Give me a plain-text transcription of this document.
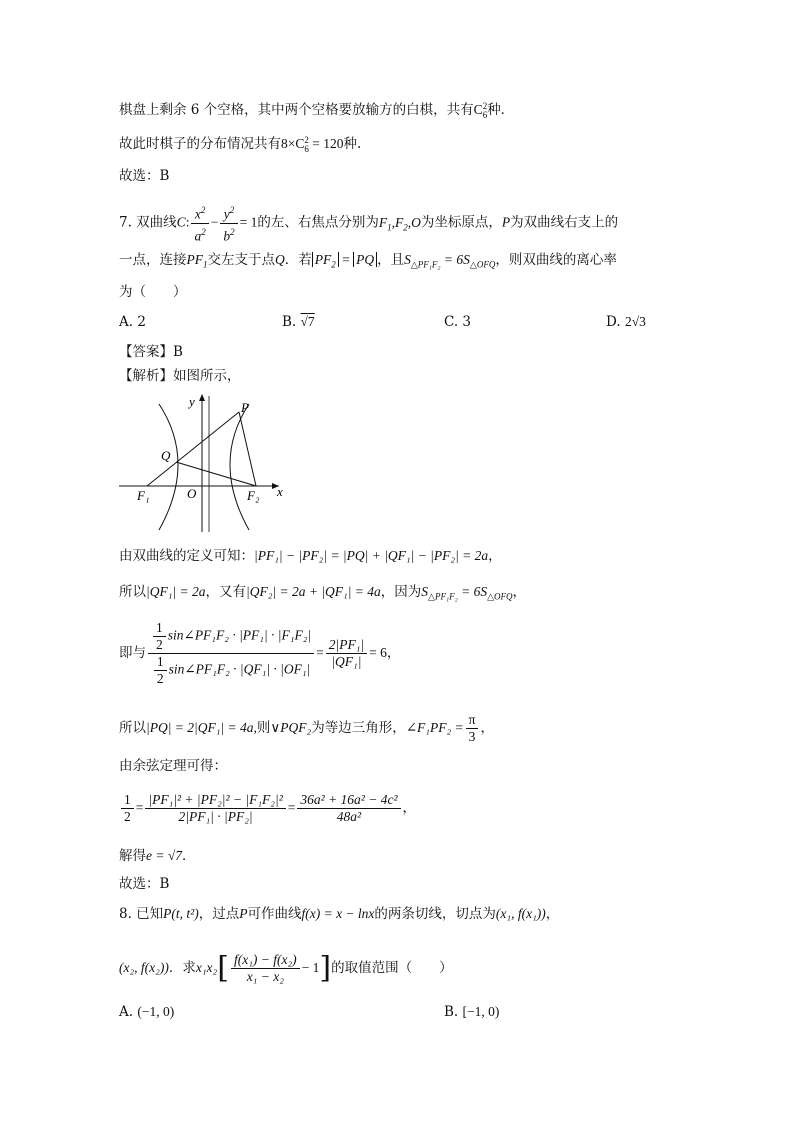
棋盘上剩余 6 个空格，其中两个空格要放输方的白棋，共有C 2
6 种．
故此时棋子的分布情况共有8×C 2
6 = 120种.
故选：B
7. 双曲线C: $\frac{x^2}{a^2} - \frac{y^2}{b^2} = 1$的左、右焦点分别为$F_1,F_2,O$为坐标原点，P为双曲线右支上的
一点，连接$PF_1$交左支于点Q．若 $PF_2$ = PQ ，且$S_{\triangle PF_1F_2} = 6S_{\triangle OFQ}$，则双曲线的离心率
为（　　）
A. 2	B. √7	C. 3	D. 2√3
【答案】B
【解析】如图所示，
y
x
P
Q
O
F₁	F₂
由双曲线的定义可知：|PF₁| − |PF₂| = |PQ| + |QF₁| − |PF₂| = 2a，
所以|QF₁| = 2a，又有|QF₂| = 2a + |QF₁| = 4a，因为$S_{\triangle PF_1F_2} = 6S_{\triangle OFQ}$，
即与 $\frac{\frac{1}{2} \sin\angle PF_1F_2 \cdot |PF_1| \cdot |F_1F_2|}{\frac{1}{2} \sin\angle PF_1F_2 \cdot |QF_1| \cdot |OF_1|} = \frac{\text{2|PF₁|}}{\text{|QF₁|}} = 6$，
所以|PQ| = 2|QF₁| = 4a,则∨PQF₂为等边三角形，∠F₁PF₂ = $\frac{\pi}{3}$ ，
由余弦定理可得：
$\frac{1}{2} = \frac{\text{|PF₁|² + |PF₂|² − |F₁F₂|²}}{\text{2|PF₁| · |PF₂|}} = \frac{\text{36a² + 16a² − 4c²}}{\text{48a²}}$ ，
解得e = √7．
故选：B
8. 已知P(t, t²)，过点P可作曲线f(x) = x − lnx的两条切线，切点为(x₁, f(x₁))，
(x₂, f(x₂))．求$x_1x_2[ \frac{\text{f(x₁) − f(x₂)}}{\text{x₁ − x₂}} - 1]$的取值范围（　　）
A. (−1, 0)	B. [−1, 0)
